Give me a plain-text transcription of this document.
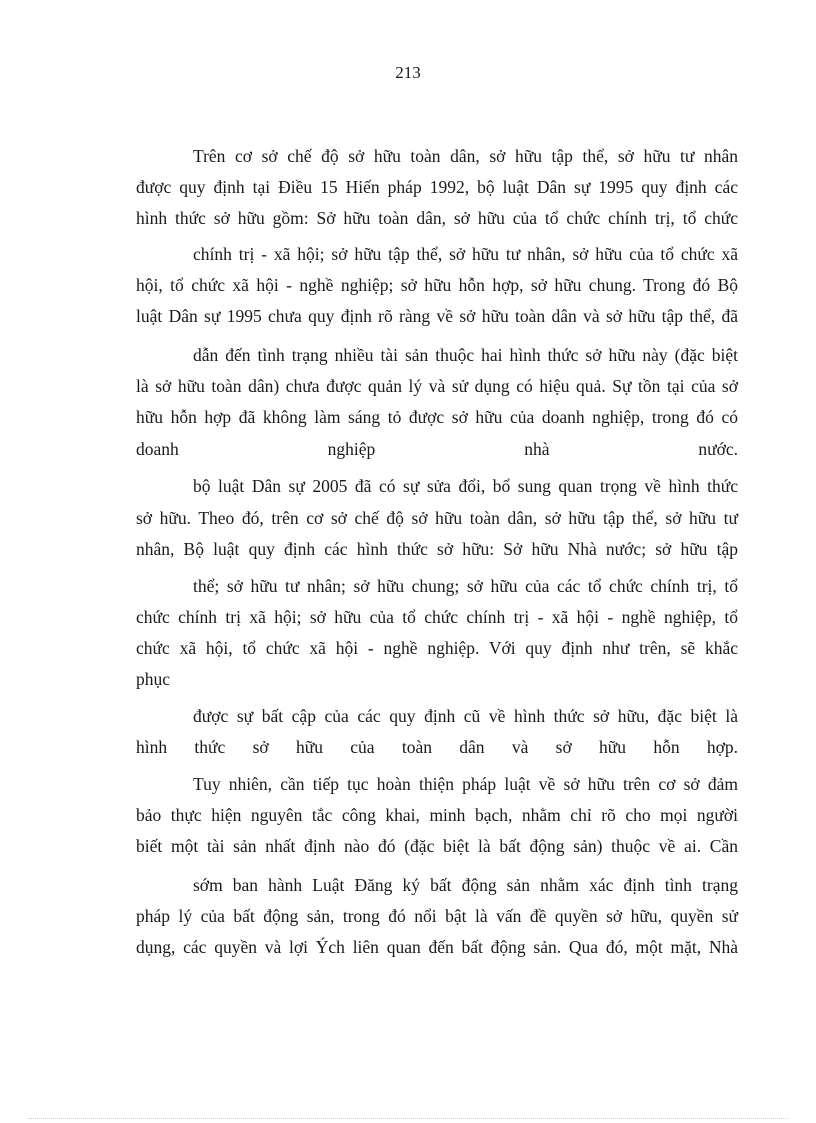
213
Trên cơ sở chế độ sở hữu toàn dân, sở hữu tập thể, sở hữu tư nhân
được quy định tại Điều 15 Hiến pháp 1992, bộ luật Dân sự 1995 quy định các
hình thức sở hữu gồm: Sở hữu toàn dân, sở hữu của tổ chức chính trị, tổ chức
chính trị - xã hội; sở hữu tập thể, sở hữu tư nhân, sở hữu của tổ chức xã
hội, tổ chức xã hội - nghề nghiệp; sở hữu hỗn hợp, sở hữu chung. Trong đó Bộ
luật Dân sự 1995 chưa quy định rõ ràng về sở hữu toàn dân và sở hữu tập thể, đã
dẫn đến tình trạng nhiều tài sản thuộc hai hình thức sở hữu này (đặc biệt
là sở hữu toàn dân) chưa được quản lý và sử dụng có hiệu quả. Sự tồn tại của sở
hữu hỗn hợp đã không làm sáng tỏ được sở hữu của doanh nghiệp, trong đó có
doanh nghiệp nhà nước.
bộ luật Dân sự 2005 đã có sự sửa đổi, bổ sung quan trọng về hình thức
sở hữu. Theo đó, trên cơ sở chế độ sở hữu toàn dân, sở hữu tập thể, sở hữu tư
nhân, Bộ luật quy định các hình thức sở hữu: Sở hữu Nhà nước; sở hữu tập
thể; sở hữu tư nhân; sở hữu chung; sở hữu của các tổ chức chính trị, tổ
chức chính trị xã hội; sở hữu của tổ chức chính trị - xã hội - nghề nghiệp, tổ
chức xã hội, tổ chức xã hội - nghề nghiệp. Với quy định như trên, sẽ khắc
phục
được sự bất cập của các quy định cũ về hình thức sở hữu, đặc biệt là
hình thức sở hữu của toàn dân và sở hữu hỗn hợp.
Tuy nhiên, cần tiếp tục hoàn thiện pháp luật về sở hữu trên cơ sở đảm
bảo thực hiện nguyên tắc công khai, minh bạch, nhằm chỉ rõ cho mọi người
biết một tài sản nhất định nào đó (đặc biệt là bất động sản) thuộc về ai. Cần
sớm ban hành Luật Đăng ký bất động sản nhằm xác định tình trạng
pháp lý của bất động sản, trong đó nổi bật là vấn đề quyền sở hữu, quyền sử
dụng, các quyền và lợi Ých liên quan đến bất động sản. Qua đó, một mặt, Nhà
